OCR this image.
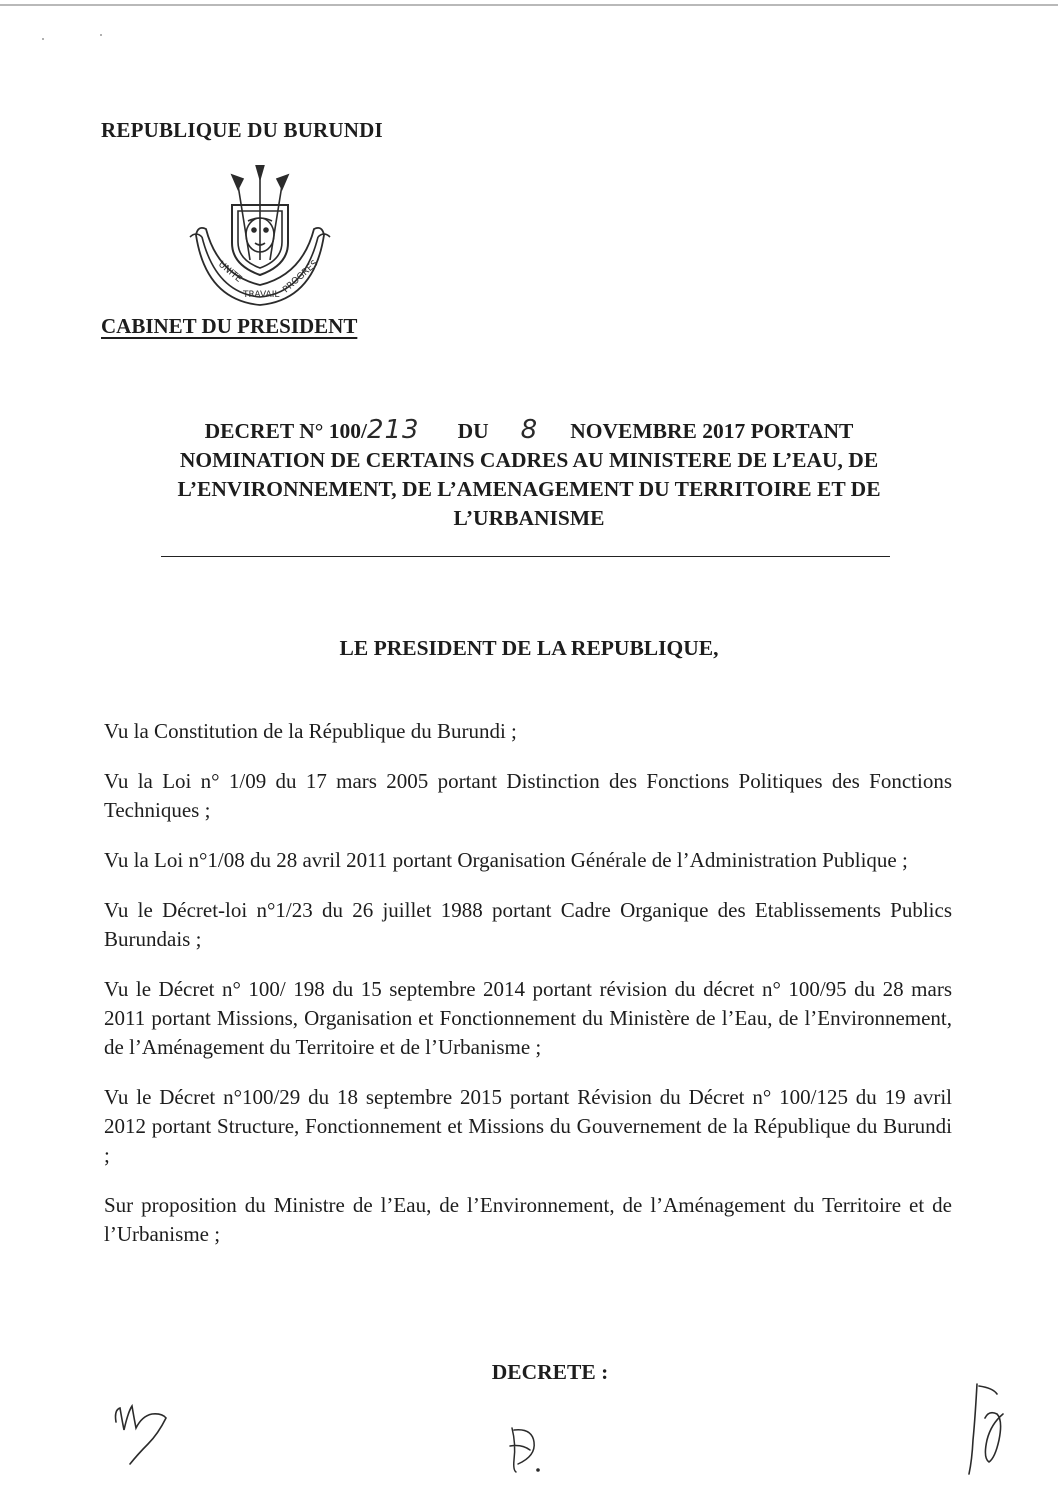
REPUBLIQUE DU BURUNDI
UNITE
TRAVAIL PROGRES
CABINET DU PRESIDENT
DECRET N° 100/213 DU 8 NOVEMBRE 2017 PORTANT
NOMINATION DE CERTAINS CADRES AU MINISTERE DE L’EAU, DE
L’ENVIRONNEMENT, DE L’AMENAGEMENT DU TERRITOIRE ET DE
L’URBANISME
LE PRESIDENT DE LA REPUBLIQUE,

Vu la Constitution de la République du Burundi ;

Vu la Loi n° 1/09 du 17 mars 2005 portant Distinction des Fonctions Politiques des Fonctions Techniques ;

Vu la Loi n°1/08 du 28 avril 2011 portant Organisation Générale de l’Administration Publique ;

Vu le Décret-loi n°1/23 du 26 juillet 1988 portant Cadre Organique des Etablissements Publics Burundais ;

Vu le Décret n° 100/ 198 du 15 septembre 2014 portant révision du décret n° 100/95 du 28 mars 2011 portant Missions, Organisation et Fonctionnement du Ministère de l’Eau, de l’Environnement, de l’Aménagement du Territoire et de l’Urbanisme ;

Vu le Décret n°100/29 du 18 septembre 2015 portant Révision du Décret n° 100/125 du 19 avril 2012 portant Structure, Fonctionnement et Missions du Gouvernement de la République du Burundi ;

Sur proposition du Ministre de l’Eau, de l’Environnement, de l’Aménagement du Territoire et de l’Urbanisme ;

DECRETE :
